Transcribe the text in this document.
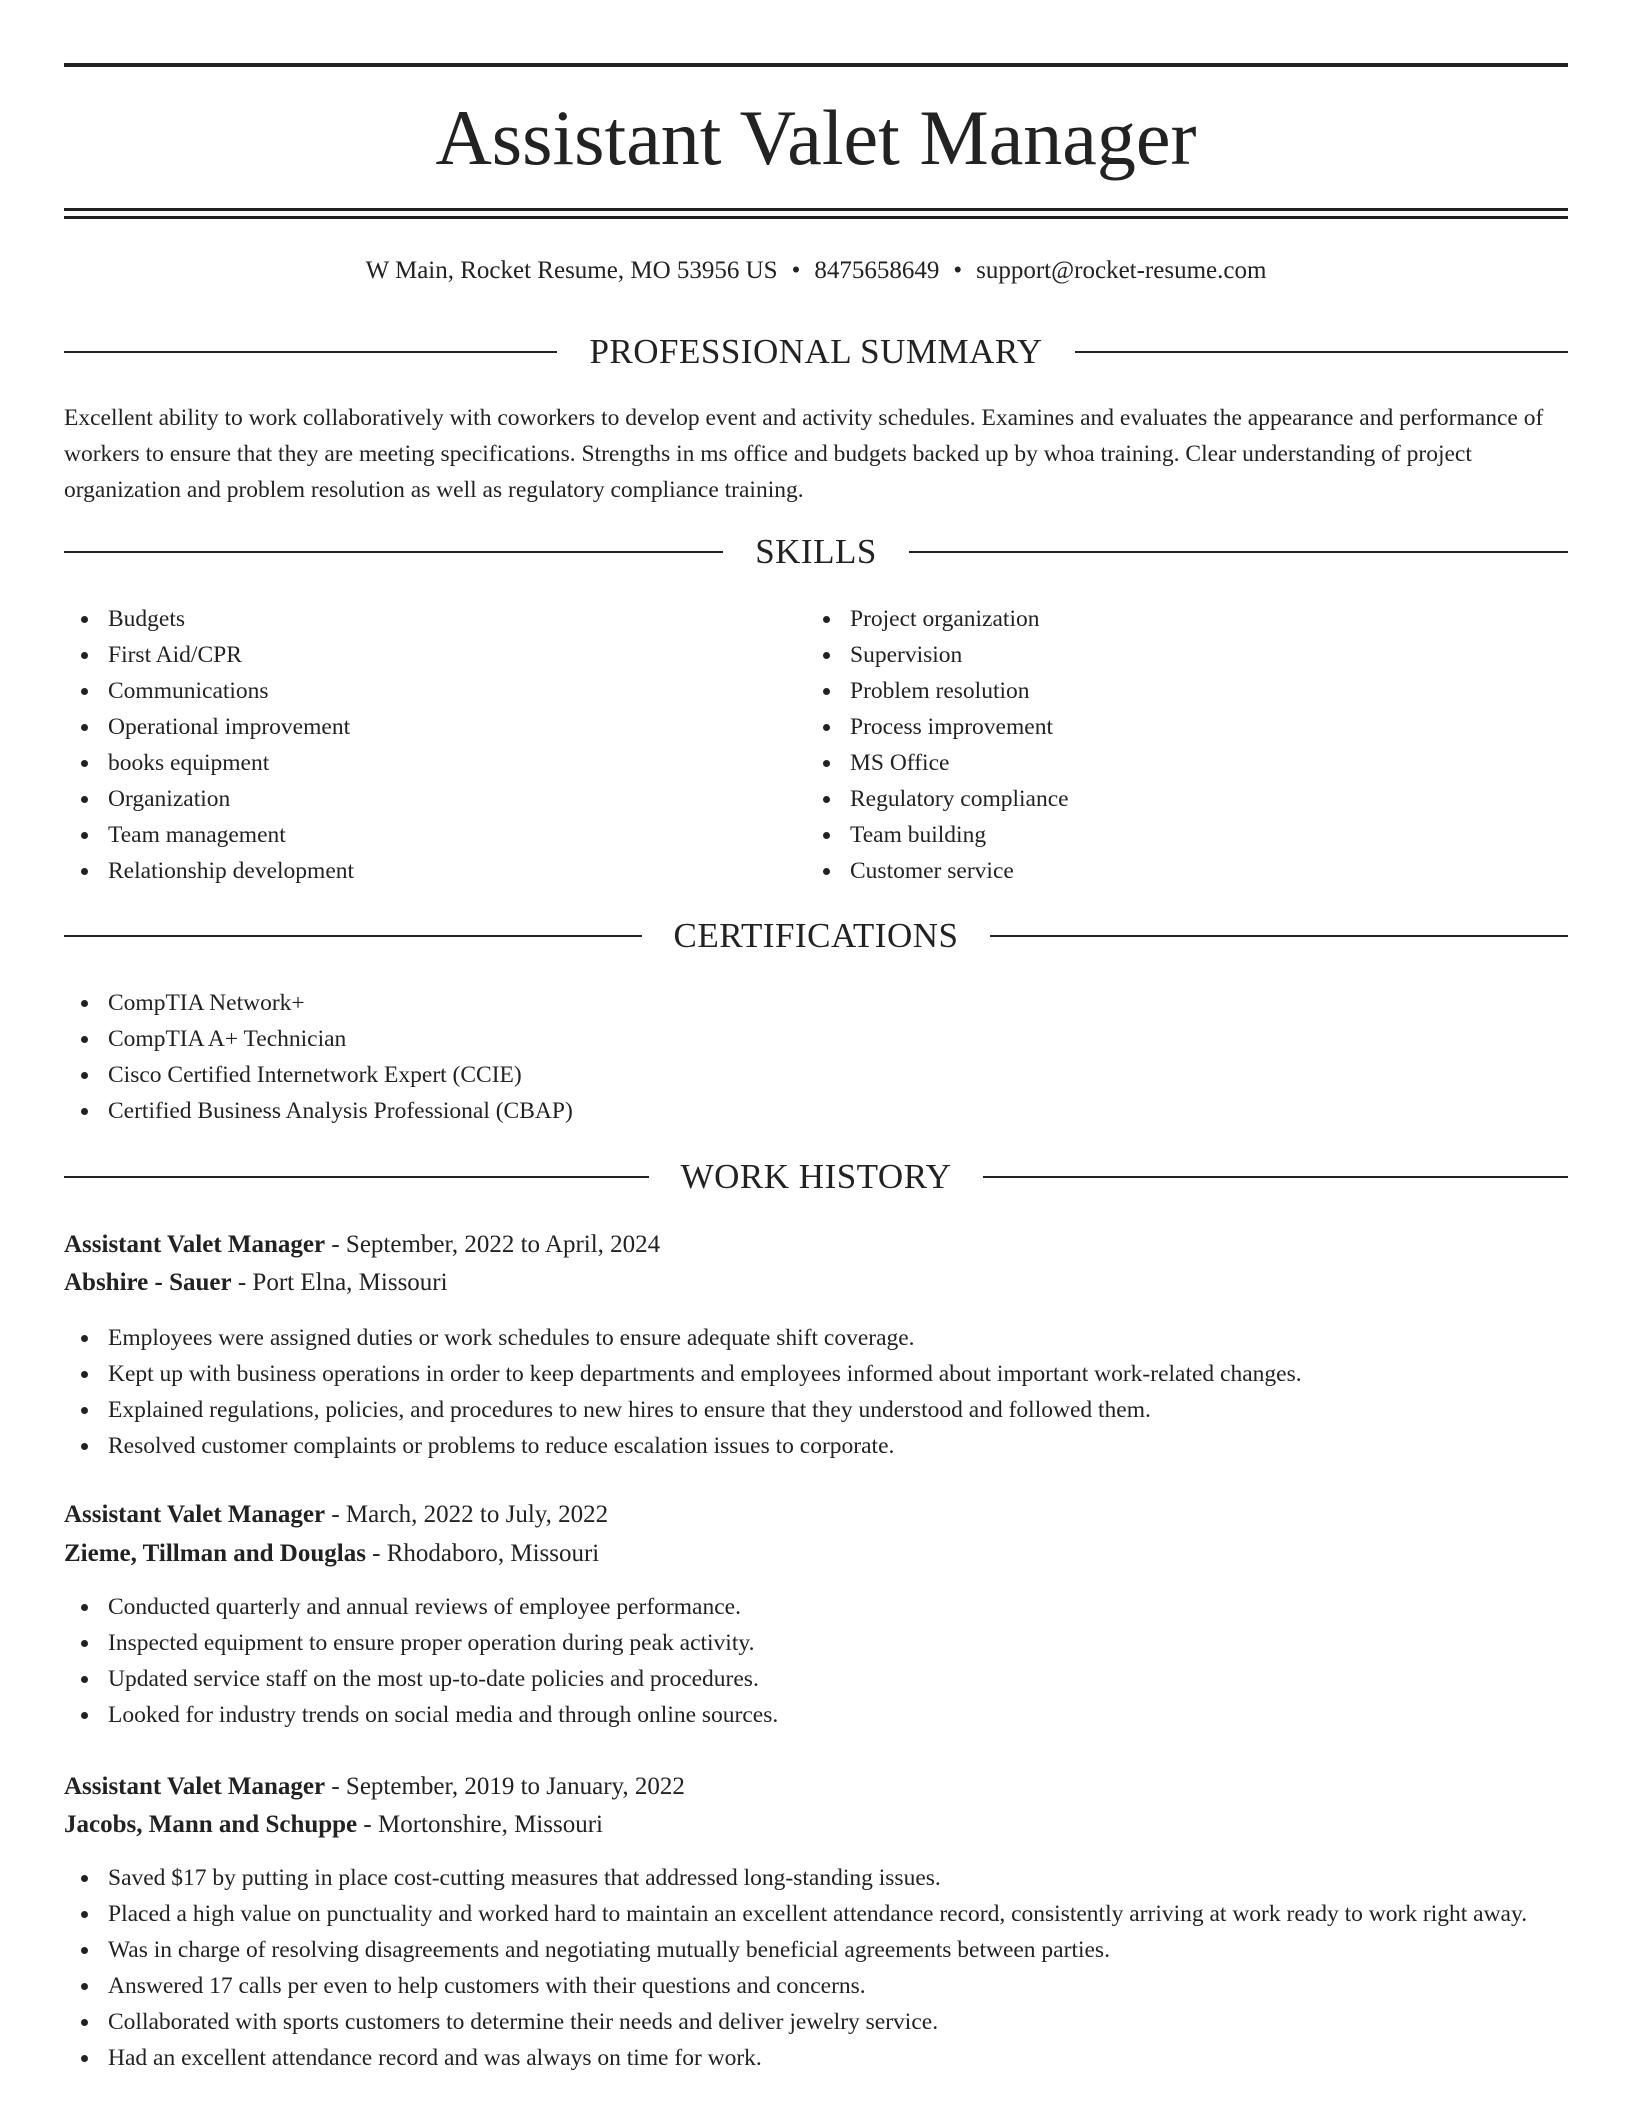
Assistant Valet Manager
W Main, Rocket Resume, MO 53956 US • 8475658649 • support@rocket-resume.com
PROFESSIONAL SUMMARY

Excellent ability to work collaboratively with coworkers to develop event and activity schedules. Examines and evaluates the appearance and performance of workers to ensure that they are meeting specifications. Strengths in ms office and budgets backed up by whoa training. Clear understanding of project organization and problem resolution as well as regulatory compliance training.

SKILLS
Budgets
First Aid/CPR
Communications
Operational improvement
books equipment
Organization
Team management
Relationship development
Project organization
Supervision
Problem resolution
Process improvement
MS Office
Regulatory compliance
Team building
Customer service
CERTIFICATIONS
CompTIA Network+
CompTIA A+ Technician
Cisco Certified Internetwork Expert (CCIE)
Certified Business Analysis Professional (CBAP)
WORK HISTORY
Assistant Valet Manager - September, 2022 to April, 2024
Abshire - Sauer - Port Elna, Missouri
Employees were assigned duties or work schedules to ensure adequate shift coverage.
Kept up with business operations in order to keep departments and employees informed about important work-related changes.
Explained regulations, policies, and procedures to new hires to ensure that they understood and followed them.
Resolved customer complaints or problems to reduce escalation issues to corporate.
Assistant Valet Manager - March, 2022 to July, 2022
Zieme, Tillman and Douglas - Rhodaboro, Missouri
Conducted quarterly and annual reviews of employee performance.
Inspected equipment to ensure proper operation during peak activity.
Updated service staff on the most up-to-date policies and procedures.
Looked for industry trends on social media and through online sources.
Assistant Valet Manager - September, 2019 to January, 2022
Jacobs, Mann and Schuppe - Mortonshire, Missouri
Saved $17 by putting in place cost-cutting measures that addressed long-standing issues.
Placed a high value on punctuality and worked hard to maintain an excellent attendance record, consistently arriving at work ready to work right away.
Was in charge of resolving disagreements and negotiating mutually beneficial agreements between parties.
Answered 17 calls per even to help customers with their questions and concerns.
Collaborated with sports customers to determine their needs and deliver jewelry service.
Had an excellent attendance record and was always on time for work.
